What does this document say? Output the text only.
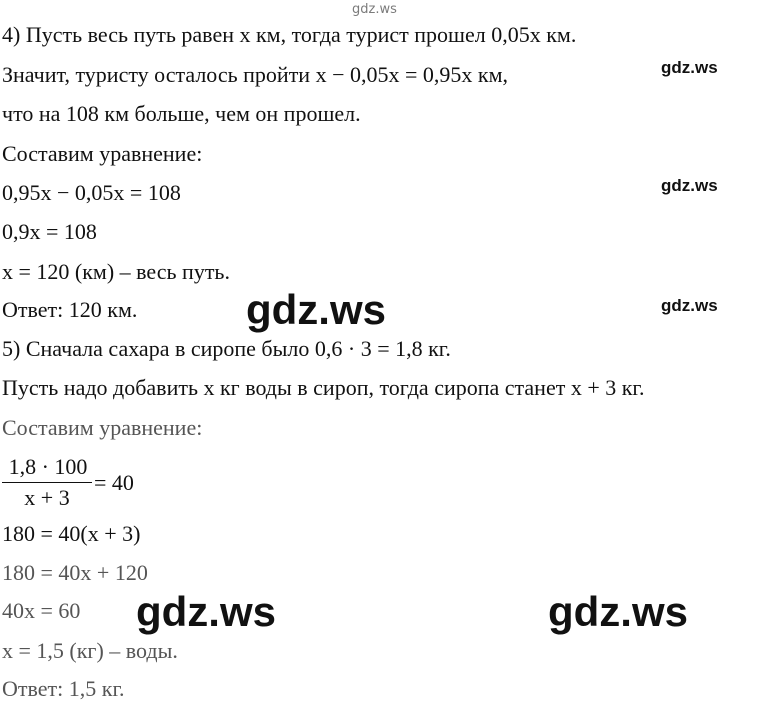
gdz.ws
4) Пусть весь путь равен x км, тогда турист прошел 0,05x км.
Значит, туристу осталось пройти x − 0,05x = 0,95x км,
что на 108 км больше, чем он прошел.
Составим уравнение:
0,95x − 0,05x = 108
0,9x = 108
x = 120 (км) – весь путь.
Ответ: 120 км.
5) Сначала сахара в сиропе было 0,6 · 3 = 1,8 кг.
Пусть надо добавить x кг воды в сироп, тогда сиропа станет x + 3 кг.
Составим уравнение:
1,8 · 100
x + 3
= 40
180 = 40(x + 3)
180 = 40x + 120
40x = 60
x = 1,5 (кг) – воды.
Ответ: 1,5 кг.
gdz.ws
gdz.ws
gdz.ws
gdz.ws
gdz.ws	gdz.ws
